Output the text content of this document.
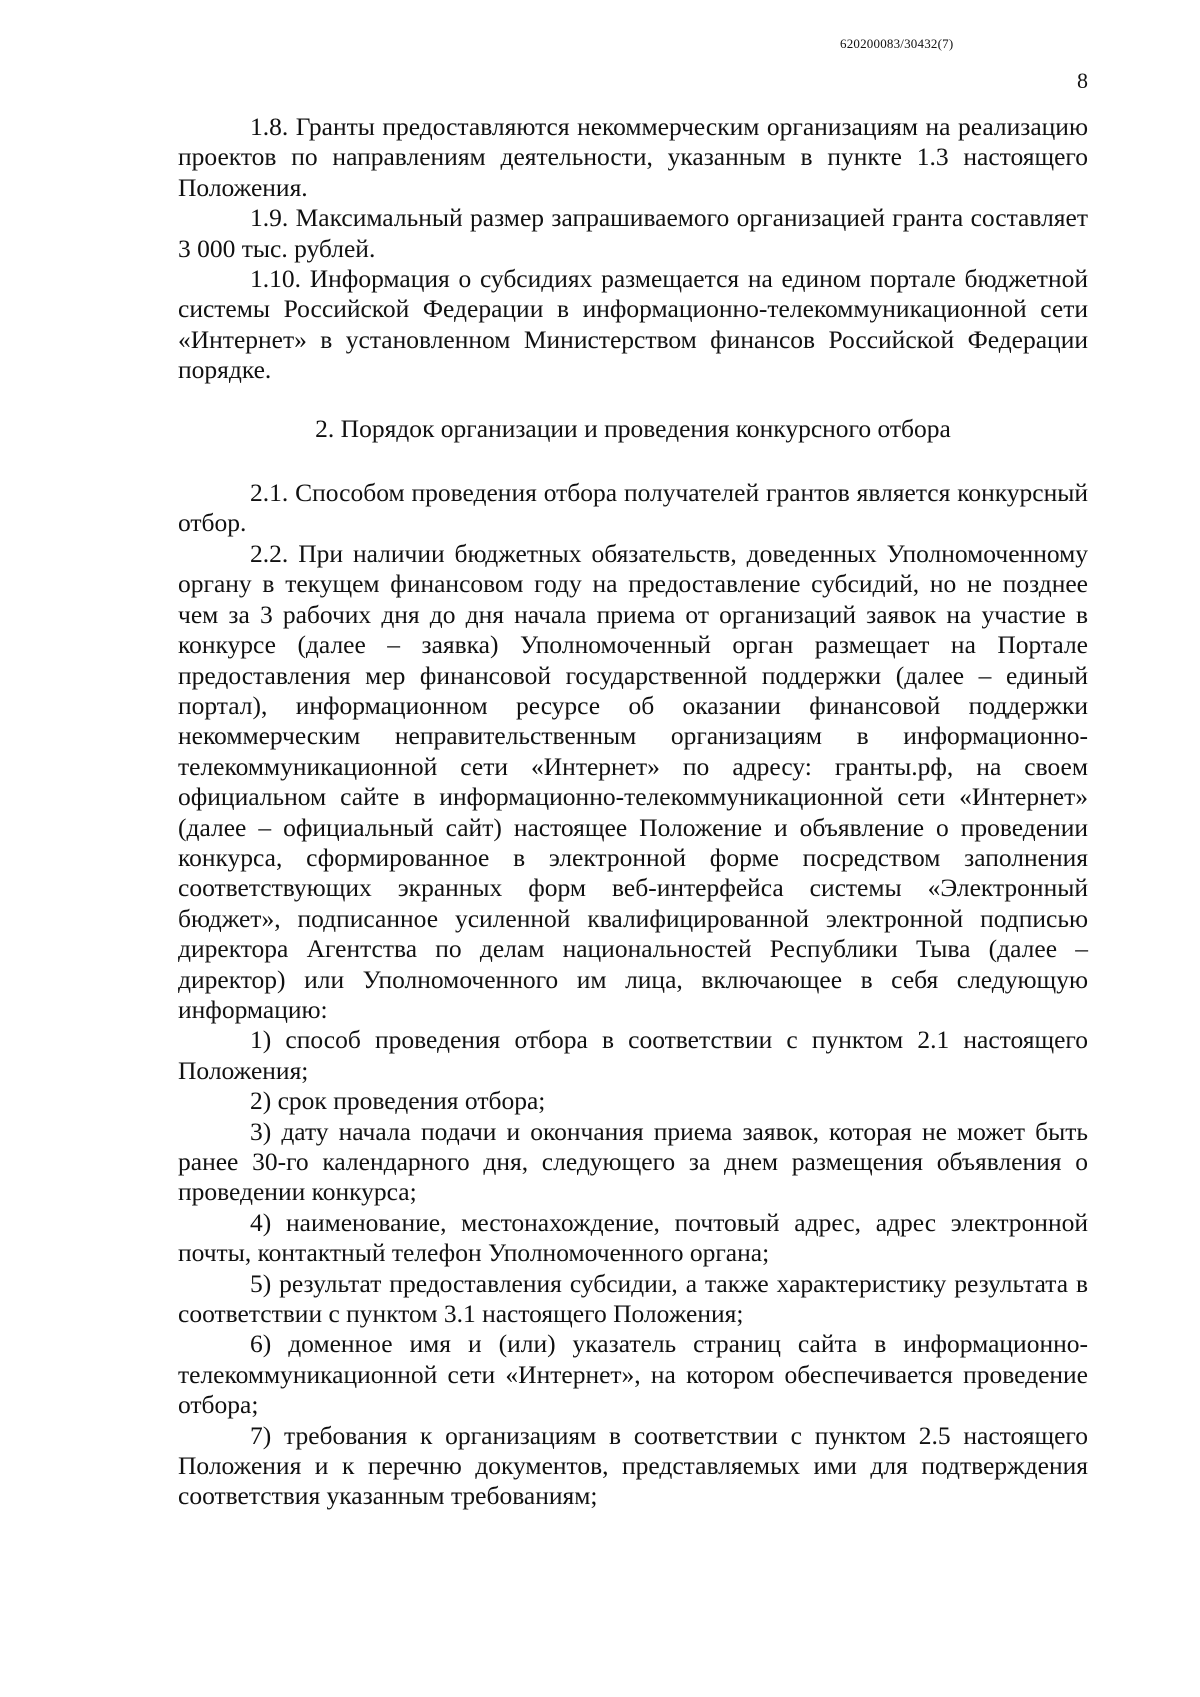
620200083/30432(7)
8

1.8. Гранты предоставляются некоммерческим организациям на реализацию проектов по направлениям деятельности, указанным в пункте 1.3 настоящего Положения.

1.9. Максимальный размер запрашиваемого организацией гранта составляет 3 000 тыс. рублей.

1.10. Информация о субсидиях размещается на едином портале бюджетной системы Российской Федерации в информационно-телекоммуникационной сети «Интернет» в установленном Министерством финансов Российской Федерации порядке.

2. Порядок организации и проведения конкурсного отбора

2.1. Способом проведения отбора получателей грантов является конкурсный отбор.

2.2. При наличии бюджетных обязательств, доведенных Уполномоченному органу в текущем финансовом году на предоставление субсидий, но не позднее чем за 3 рабочих дня до дня начала приема от организаций заявок на участие в конкурсе (далее – заявка) Уполномоченный орган размещает на Портале предоставления мер финансовой государственной поддержки (далее – единый портал), информационном ресурсе об оказании финансовой поддержки некоммерческим неправительственным организациям в информационно-телекоммуникационной сети «Интернет» по адресу: гранты.рф, на своем официальном сайте в информационно-телекоммуникационной сети «Интернет» (далее – официальный сайт) настоящее Положение и объявление о проведении конкурса, сформированное в электронной форме посредством заполнения соответствующих экранных форм веб-интерфейса системы «Электронный бюджет», подписанное усиленной квалифицированной электронной подписью директора Агентства по делам национальностей Республики Тыва (далее – директор) или Уполномоченного им лица, включающее в себя следующую информацию:

1) способ проведения отбора в соответствии с пунктом 2.1 настоящего Положения;

2) срок проведения отбора;

3) дату начала подачи и окончания приема заявок, которая не может быть ранее 30-го календарного дня, следующего за днем размещения объявления о проведении конкурса;

4) наименование, местонахождение, почтовый адрес, адрес электронной почты, контактный телефон Уполномоченного органа;

5) результат предоставления субсидии, а также характеристику результата в соответствии с пунктом 3.1 настоящего Положения;

6) доменное имя и (или) указатель страниц сайта в информационно-телекоммуникационной сети «Интернет», на котором обеспечивается проведение отбора;

7) требования к организациям в соответствии с пунктом 2.5 настоящего Положения и к перечню документов, представляемых ими для подтверждения соответствия указанным требованиям;
